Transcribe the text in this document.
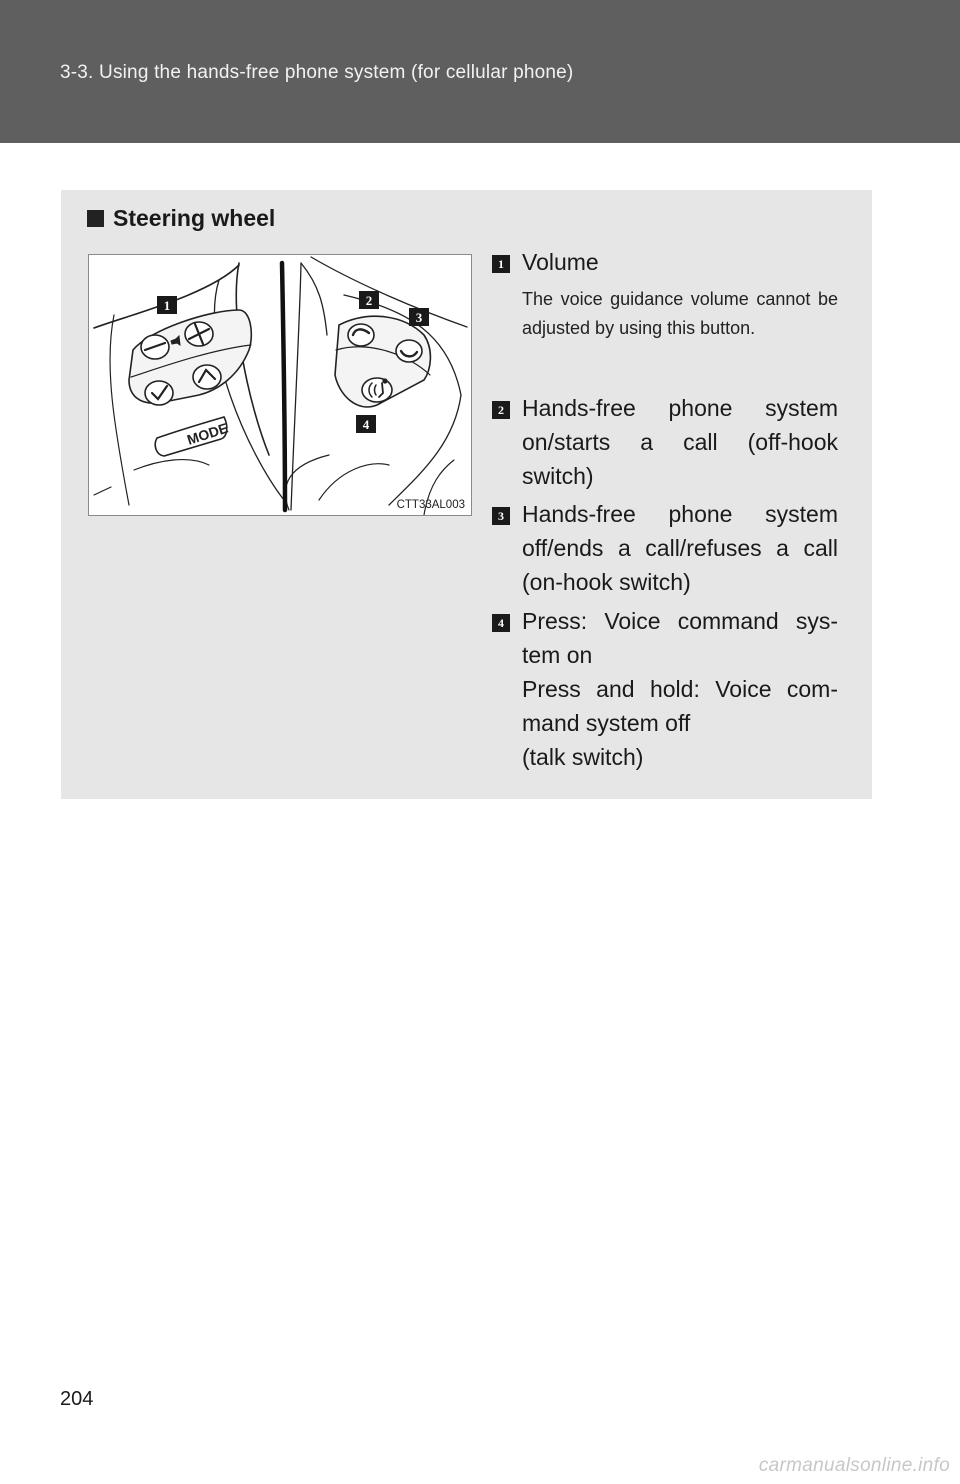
3-3. Using the hands-free phone system (for cellular phone)
Steering wheel
MODE
1	2
3
4
CTT33AL003
1
Volume
The voice guidance volume cannot be adjusted by using this button.
2
Hands-free phone system on/starts a call (off-hook switch)
3
Hands-free phone system off/ends a call/refuses a call (on-hook switch)
4
Press: Voice command sys-tem on
Press and hold: Voice com-mand system off
(talk switch)
204
carmanualsonline.info
